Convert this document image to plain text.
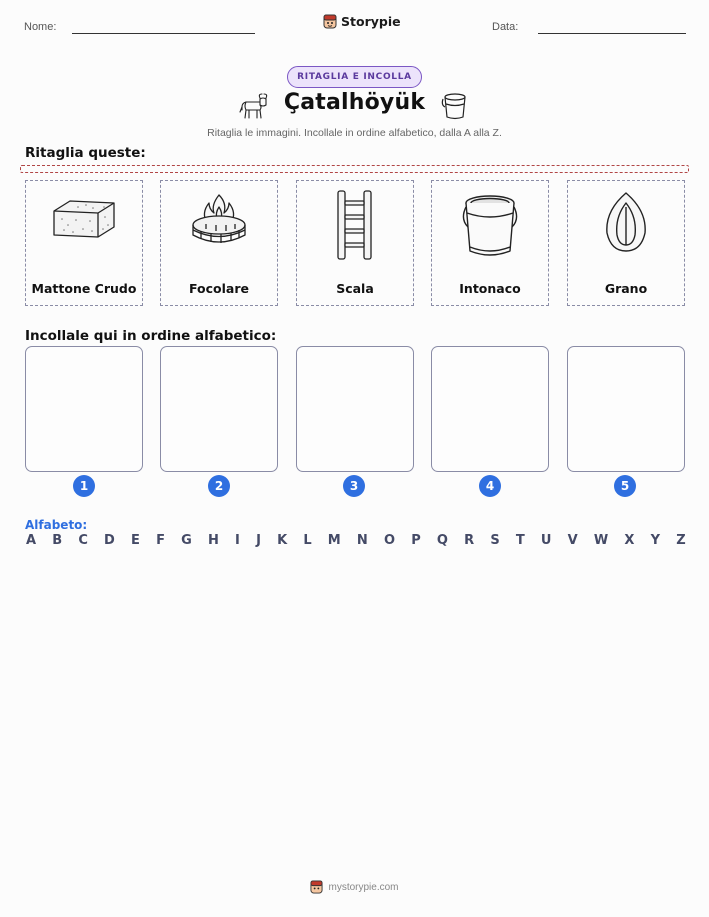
Nome:	Storypie	Data:
RITAGLIA E INCOLLA
Çatalhöyük
Ritaglia le immagini. Incollale in ordine alfabetico, dalla A alla Z.
Ritaglia queste:
Mattone Crudo	Focolare	Scala	Intonaco	Grano
Incollale qui in ordine alfabetico:
1	2	3	4	5
Alfabeto:
A B C D E F G H I J K L M N O P Q R S T U V W X Y Z
mystorypie.com
